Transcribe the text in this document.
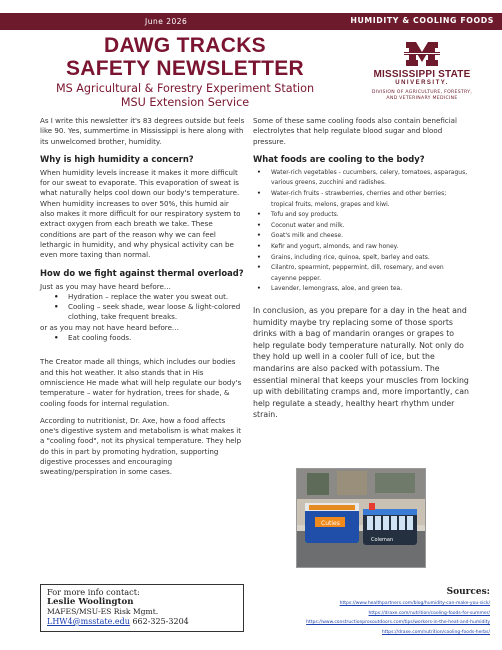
June 2026	HUMIDITY & COOLING FOODS
DAWG TRACKS
SAFETY NEWSLETTER
MS Agricultural & Forestry Experiment Station
MSU Extension Service
MISSISSIPPI STATE
UNIVERSITY.
DIVISION OF AGRICULTURE, FORESTRY,
AND VETERINARY MEDICINE

As I write this newsletter it's 83 degrees outside but feels like 90. Yes, summertime in Mississippi is here along with its unwelcomed brother, humidity.

Why is high humidity a concern?

When humidity levels increase it makes it more difficult for our sweat to evaporate. This evaporation of sweat is what naturally helps cool down our body's temperature. When humidity increases to over 50%, this humid air also makes it more difficult for our respiratory system to extract oxygen from each breath we take. These conditions are part of the reason why we can feel lethargic in humidity, and why physical activity can be even more taxing than normal.

How do we fight against thermal overload?
Just as you may have heard before…
• Hydration – replace the water you sweat out.
• Cooling – seek shade, wear loose & light-colored clothing, take frequent breaks.
or as you may not have heard before…
• Eat cooling foods.

The Creator made all things, which includes our bodies and this hot weather. It also stands that in His omniscience He made what will help regulate our body's temperature – water for hydration, trees for shade, & cooling foods for internal regulation.

According to nutritionist, Dr. Axe, how a food affects one's digestive system and metabolism is what makes it a "cooling food", not its physical temperature. They help do this in part by promoting hydration, supporting digestive processes and encouraging sweating/perspiration in some cases.

Some of these same cooling foods also contain beneficial electrolytes that help regulate blood sugar and blood pressure.

What foods are cooling to the body?
• Water-rich vegetables - cucumbers, celery, tomatoes, asparagus, various greens, zucchini and radishes.
• Water-rich fruits - strawberries, cherries and other berries; tropical fruits, melons, grapes and kiwi.
• Tofu and soy products.
• Coconut water and milk.
• Goat's milk and cheese.
• Kefir and yogurt, almonds, and raw honey.
• Grains, including rice, quinoa, spelt, barley and oats.
• Cilantro, spearmint, peppermint, dill, rosemary, and even cayenne pepper.
• Lavender, lemongrass, aloe, and green tea.

In conclusion, as you prepare for a day in the heat and humidity maybe try replacing some of those sports drinks with a bag of mandarin oranges or grapes to help regulate body temperature naturally. Not only do they hold up well in a cooler full of ice, but the mandarins are also packed with potassium. The essential mineral that keeps your muscles from locking up with debilitating cramps and, more importantly, can help regulate a steady, healthy heart rhythm under strain.

Cuties
Coleman
For more info contact:
Leslie Woolington
MAFES/MSU-ES Risk Mgmt.
LHW4@msstate.edu 662-325-3204
Sources:
https://www.healthpartners.com/blog/humidity-can-make-you-sick/
https://draxe.com/nutrition/cooling-foods-for-summer/
https://www.constructionprosoutdoors.com/tips/workers-in-the-heat-and-humidity
https://draxe.com/nutrition/cooling-foods-herbs/
